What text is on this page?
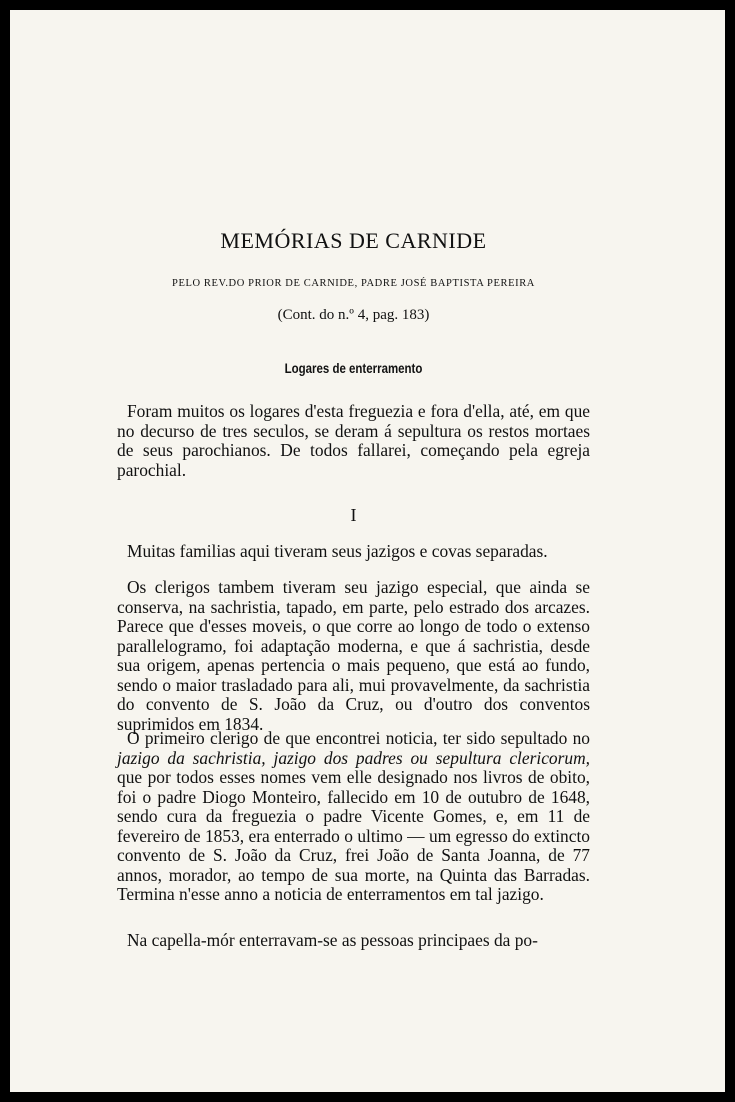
MEMÓRIAS DE CARNIDE
PELO REV.DO PRIOR DE CARNIDE, PADRE JOSÉ BAPTISTA PEREIRA
(Cont. do n.º 4, pag. 183)
Logares de enterramento

Foram muitos os logares d'esta freguezia e fora d'ella, até, em que no decurso de tres seculos, se deram á sepultura os restos mortaes de seus parochianos. De todos fallarei, começando pela egreja parochial.

I

Muitas familias aqui tiveram seus jazigos e covas separadas.

Os clerigos tambem tiveram seu jazigo especial, que ainda se conserva, na sachristia, tapado, em parte, pelo estrado dos arcazes. Parece que d'esses moveis, o que corre ao longo de todo o extenso parallelogramo, foi adaptação moderna, e que á sachristia, desde sua origem, apenas pertencia o mais pequeno, que está ao fundo, sendo o maior trasladado para ali, mui provavelmente, da sachristia do convento de S. João da Cruz, ou d'outro dos conventos suprimidos em 1834.

O primeiro clerigo de que encontrei noticia, ter sido sepultado no jazigo da sachristia, jazigo dos padres ou sepultura clericorum, que por todos esses nomes vem elle designado nos livros de obito, foi o padre Diogo Monteiro, fallecido em 10 de outubro de 1648, sendo cura da freguezia o padre Vicente Gomes, e, em 11 de fevereiro de 1853, era enterrado o ultimo — um egresso do extincto convento de S. João da Cruz, frei João de Santa Joanna, de 77 annos, morador, ao tempo de sua morte, na Quinta das Barradas. Termina n'esse anno a noticia de enterramentos em tal jazigo.

Na capella-mór enterravam-se as pessoas principaes da po-
